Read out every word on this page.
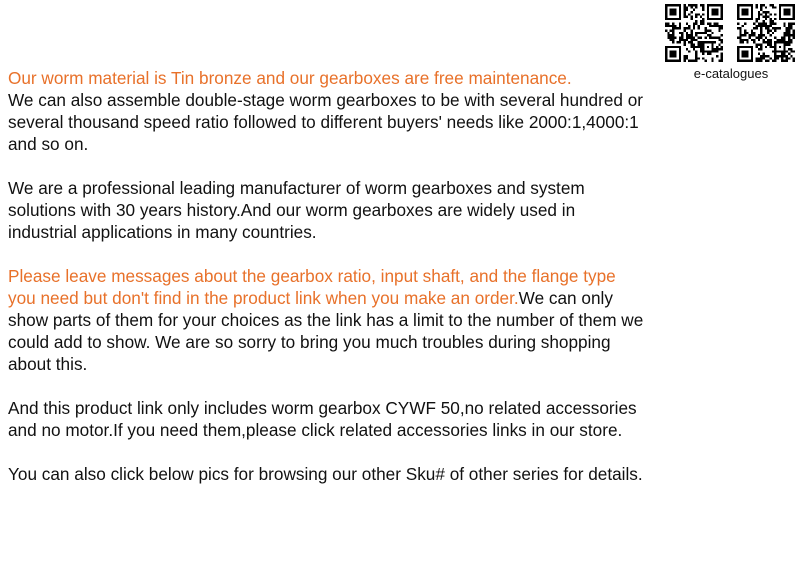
e-catalogues

Our worm material is Tin bronze and our gearboxes are free maintenance.
We can also assemble double-stage worm gearboxes to be with several hundred or several thousand speed ratio followed to different buyers' needs like 2000:1,4000:1 and so on.

We are a professional leading manufacturer of worm gearboxes and system solutions with 30 years history.And our worm gearboxes are widely used in industrial applications in many countries.

Please leave messages about the gearbox ratio, input shaft, and the flange type you need but don't find in the product link when you make an order.We can only show parts of them for your choices as the link has a limit to the number of them we could add to show. We are so sorry to bring you much troubles during shopping about this.

And this product link only includes worm gearbox CYWF 50,no related accessories and no motor.If you need them,please click related accessories links in our store.

You can also click below pics for browsing our other Sku# of other series for details.
